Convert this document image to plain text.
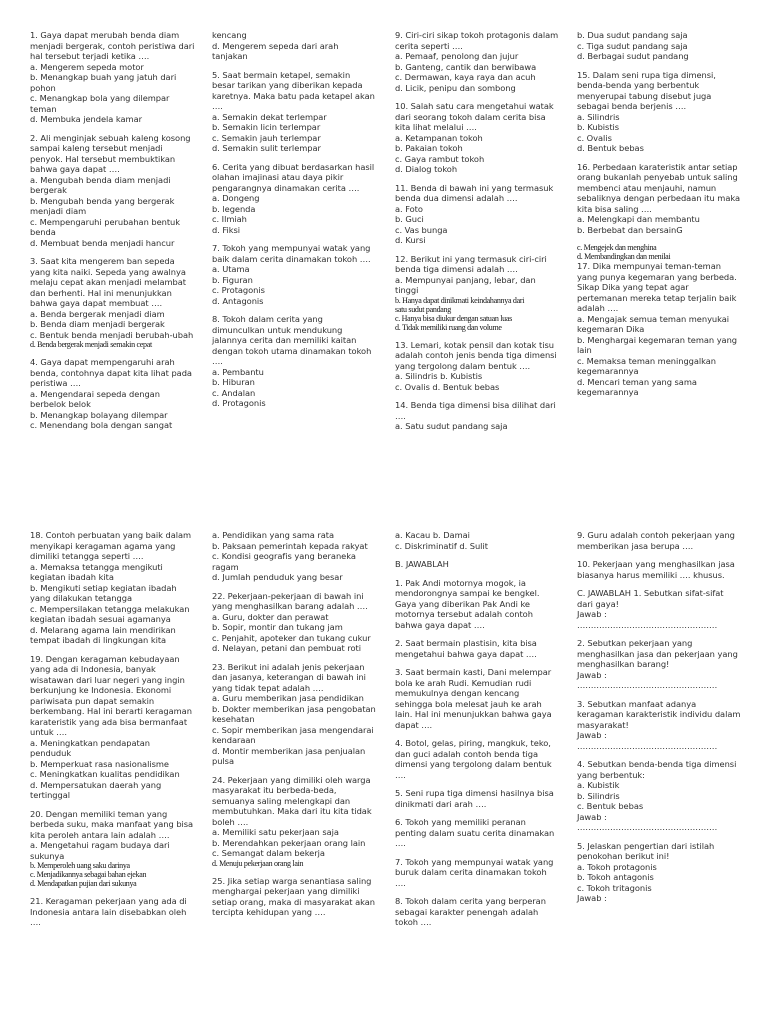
1. Gaya dapat merubah benda diam
menjadi bergerak, contoh peristiwa dari
hal tersebut terjadi ketika ….
a. Mengerem sepeda motor
b. Menangkap buah yang jatuh dari
pohon
c. Menangkap bola yang dilempar
teman
d. Membuka jendela kamar
2. Ali menginjak sebuah kaleng kosong
sampai kaleng tersebut menjadi
penyok. Hal tersebut membuktikan
bahwa gaya dapat ….
a. Mengubah benda diam menjadi
bergerak
b. Mengubah benda yang bergerak
menjadi diam
c. Mempengaruhi perubahan bentuk
benda
d. Membuat benda menjadi hancur
3. Saat kita mengerem ban sepeda
yang kita naiki. Sepeda yang awalnya
melaju cepat akan menjadi melambat
dan berhenti. Hal ini menunjukkan
bahwa gaya dapat membuat ….
a. Benda bergerak menjadi diam
b. Benda diam menjadi bergerak
c. Bentuk benda menjadi berubah-ubah
d. Benda bergerak menjadi semakin cepat
4. Gaya dapat mempengaruhi arah
benda, contohnya dapat kita lihat pada
peristiwa ….
a. Mengendarai sepeda dengan
berbelok belok
b. Menangkap bolayang dilempar
c. Menendang bola dengan sangat
kencang
d. Mengerem sepeda dari arah
tanjakan
5. Saat bermain ketapel, semakin
besar tarikan yang diberikan kepada
karetnya. Maka batu pada ketapel akan
….
a. Semakin dekat terlempar
b. Semakin licin terlempar
c. Semakin jauh terlempar
d. Semakin sulit terlempar
6. Cerita yang dibuat berdasarkan hasil
olahan imajinasi atau daya pikir
pengarangnya dinamakan cerita ….
a. Dongeng
b. legenda
c. Ilmiah
d. Fiksi
7. Tokoh yang mempunyai watak yang
baik dalam cerita dinamakan tokoh ….
a. Utama
b. Figuran
c. Protagonis
d. Antagonis
8. Tokoh dalam cerita yang
dimunculkan untuk mendukung
jalannya cerita dan memiliki kaitan
dengan tokoh utama dinamakan tokoh
….
a. Pembantu
b. Hiburan
c. Andalan
d. Protagonis
9. Ciri-ciri sikap tokoh protagonis dalam
cerita seperti ….
a. Pemaaf, penolong dan jujur
b. Ganteng, cantik dan berwibawa
c. Dermawan, kaya raya dan acuh
d. Licik, penipu dan sombong
10. Salah satu cara mengetahui watak
dari seorang tokoh dalam cerita bisa
kita lihat melalui ….
a. Ketampanan tokoh
b. Pakaian tokoh
c. Gaya rambut tokoh
d. Dialog tokoh
11. Benda di bawah ini yang termasuk
benda dua dimensi adalah ….
a. Foto
b. Guci
c. Vas bunga
d. Kursi
12. Berikut ini yang termasuk ciri-ciri
benda tiga dimensi adalah ….
a. Mempunyai panjang, lebar, dan
tinggi
b. Hanya dapat dinikmati keindahannya dari
satu sudut pandang
c. Hanya bisa diukur dengan satuan luas
d. Tidak memiliki ruang dan volume
13. Lemari, kotak pensil dan kotak tisu
adalah contoh jenis benda tiga dimensi
yang tergolong dalam bentuk ….
a. Silindris b. Kubistis
c. Ovalis d. Bentuk bebas
14. Benda tiga dimensi bisa dilihat dari
….
a. Satu sudut pandang saja
b. Dua sudut pandang saja
c. Tiga sudut pandang saja
d. Berbagai sudut pandang
15. Dalam seni rupa tiga dimensi,
benda-benda yang berbentuk
menyerupai tabung disebut juga
sebagai benda berjenis ….
a. Silindris
b. Kubistis
c. Ovalis
d. Bentuk bebas
16. Perbedaan karateristik antar setiap
orang bukanlah penyebab untuk saling
membenci atau menjauhi, namun
sebaliknya dengan perbedaan itu maka
kita bisa saling ….
a. Melengkapi dan membantu
b. Berbebat dan bersainG
c. Mengejek dan menghina
d. Membandingkan dan menilai
17. Dika mempunyai teman-teman
yang punya kegemaran yang berbeda.
Sikap Dika yang tepat agar
pertemanan mereka tetap terjalin baik
adalah ….
a. Mengajak semua teman menyukai
kegemaran Dika
b. Menghargai kegemaran teman yang
lain
c. Memaksa teman meninggalkan
kegemarannya
d. Mencari teman yang sama
kegemarannya
18. Contoh perbuatan yang baik dalam
menyikapi keragaman agama yang
dimiliki tetangga seperti ….
a. Memaksa tetangga mengikuti
kegiatan ibadah kita
b. Mengikuti setiap kegiatan ibadah
yang dilakukan tetangga
c. Mempersilakan tetangga melakukan
kegiatan ibadah sesuai agamanya
d. Melarang agama lain mendirikan
tempat ibadah di lingkungan kita
19. Dengan keragaman kebudayaan
yang ada di Indonesia, banyak
wisatawan dari luar negeri yang ingin
berkunjung ke Indonesia. Ekonomi
pariwisata pun dapat semakin
berkembang. Hal ini berarti keragaman
karateristik yang ada bisa bermanfaat
untuk ….
a. Meningkatkan pendapatan
penduduk
b. Memperkuat rasa nasionalisme
c. Meningkatkan kualitas pendidikan
d. Mempersatukan daerah yang
tertinggal
20. Dengan memiliki teman yang
berbeda suku, maka manfaat yang bisa
kita peroleh antara lain adalah ….
a. Mengetahui ragam budaya dari
sukunya
b. Memperoleh uang saku darinya
c. Menjadikannya sebagai bahan ejekan
d. Mendapatkan pujian dari sukunya
21. Keragaman pekerjaan yang ada di
Indonesia antara lain disebabkan oleh
….
a. Pendidikan yang sama rata
b. Paksaan pemerintah kepada rakyat
c. Kondisi geografis yang beraneka
ragam
d. Jumlah penduduk yang besar
22. Pekerjaan-pekerjaan di bawah ini
yang menghasilkan barang adalah ….
a. Guru, dokter dan perawat
b. Sopir, montir dan tukang jam
c. Penjahit, apoteker dan tukang cukur
d. Nelayan, petani dan pembuat roti
23. Berikut ini adalah jenis pekerjaan
dan jasanya, keterangan di bawah ini
yang tidak tepat adalah ….
a. Guru memberikan jasa pendidikan
b. Dokter memberikan jasa pengobatan
kesehatan
c. Sopir memberikan jasa mengendarai
kendaraan
d. Montir memberikan jasa penjualan
pulsa
24. Pekerjaan yang dimiliki oleh warga
masyarakat itu berbeda-beda,
semuanya saling melengkapi dan
membutuhkan. Maka dari itu kita tidak
boleh ….
a. Memiliki satu pekerjaan saja
b. Merendahkan pekerjaan orang lain
c. Semangat dalam bekerja
d. Menuju pekerjaan orang lain
25. Jika setiap warga senantiasa saling
menghargai pekerjaan yang dimiliki
setiap orang, maka di masyarakat akan
tercipta kehidupan yang ….
a. Kacau b. Damai
c. Diskriminatif d. Sulit
B. JAWABLAH
1. Pak Andi motornya mogok, ia
mendorongnya sampai ke bengkel.
Gaya yang diberikan Pak Andi ke
motornya tersebut adalah contoh
bahwa gaya dapat ….
2. Saat bermain plastisin, kita bisa
mengetahui bahwa gaya dapat ….
3. Saat bermain kasti, Dani melempar
bola ke arah Rudi. Kemudian rudi
memukulnya dengan kencang
sehingga bola melesat jauh ke arah
lain. Hal ini menunjukkan bahwa gaya
dapat ….
4. Botol, gelas, piring, mangkuk, teko,
dan guci adalah contoh benda tiga
dimensi yang tergolong dalam bentuk
….
5. Seni rupa tiga dimensi hasilnya bisa
dinikmati dari arah ….
6. Tokoh yang memiliki peranan
penting dalam suatu cerita dinamakan
….
7. Tokoh yang mempunyai watak yang
buruk dalam cerita dinamakan tokoh
….
8. Tokoh dalam cerita yang berperan
sebagai karakter penengah adalah
tokoh ….
9. Guru adalah contoh pekerjaan yang
memberikan jasa berupa ….
10. Pekerjaan yang menghasilkan jasa
biasanya harus memiliki …. khusus.
C. JAWABLAH 1. Sebutkan sifat-sifat
dari gaya!
Jawab :
……………………………………………
2. Sebutkan pekerjaan yang
menghasilkan jasa dan pekerjaan yang
menghasilkan barang!
Jawab :
……………………………………………
3. Sebutkan manfaat adanya
keragaman karakteristik individu dalam
masyarakat!
Jawab :
……………………………………………
4. Sebutkan benda-benda tiga dimensi
yang berbentuk:
a. Kubistik
b. Silindris
c. Bentuk bebas
Jawab :
……………………………………………
5. Jelaskan pengertian dari istilah
penokohan berikut ini!
a. Tokoh protagonis
b. Tokoh antagonis
c. Tokoh tritagonis
Jawab :
